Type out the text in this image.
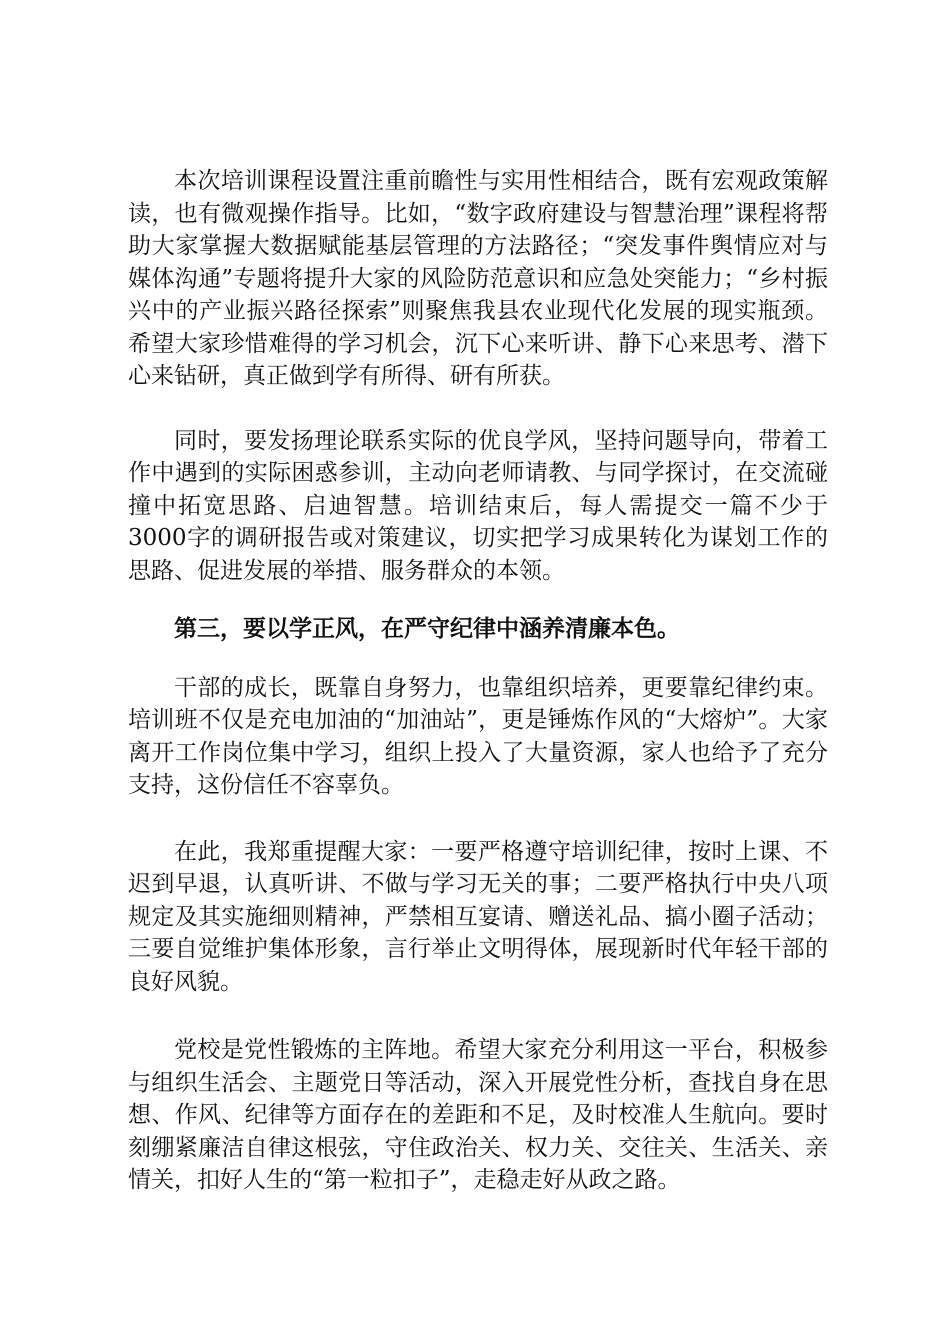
本次培训课程设置注重前瞻性与实用性相结合，既有宏观政策解读，也有微观操作指导。比如，“数字政府建设与智慧治理”课程将帮助大家掌握大数据赋能基层管理的方法路径；“突发事件舆情应对与媒体沟通”专题将提升大家的风险防范意识和应急处突能力；“乡村振兴中的产业振兴路径探索”则聚焦我县农业现代化发展的现实瓶颈。希望大家珍惜难得的学习机会，沉下心来听讲、静下心来思考、潜下心来钻研，真正做到学有所得、研有所获。

同时，要发扬理论联系实际的优良学风，坚持问题导向，带着工作中遇到的实际困惑参训，主动向老师请教、与同学探讨，在交流碰撞中拓宽思路、启迪智慧。培训结束后，每人需提交一篇不少于3000字的调研报告或对策建议，切实把学习成果转化为谋划工作的思路、促进发展的举措、服务群众的本领。

第三，要以学正风，在严守纪律中涵养清廉本色。

干部的成长，既靠自身努力，也靠组织培养，更要靠纪律约束。培训班不仅是充电加油的“加油站”，更是锤炼作风的“大熔炉”。大家离开工作岗位集中学习，组织上投入了大量资源，家人也给予了充分支持，这份信任不容辜负。

在此，我郑重提醒大家：一要严格遵守培训纪律，按时上课、不迟到早退，认真听讲、不做与学习无关的事；二要严格执行中央八项规定及其实施细则精神，严禁相互宴请、赠送礼品、搞小圈子活动；三要自觉维护集体形象，言行举止文明得体，展现新时代年轻干部的良好风貌。

党校是党性锻炼的主阵地。希望大家充分利用这一平台，积极参与组织生活会、主题党日等活动，深入开展党性分析，查找自身在思想、作风、纪律等方面存在的差距和不足，及时校准人生航向。要时刻绷紧廉洁自律这根弦，守住政治关、权力关、交往关、生活关、亲情关，扣好人生的“第一粒扣子”，走稳走好从政之路。
